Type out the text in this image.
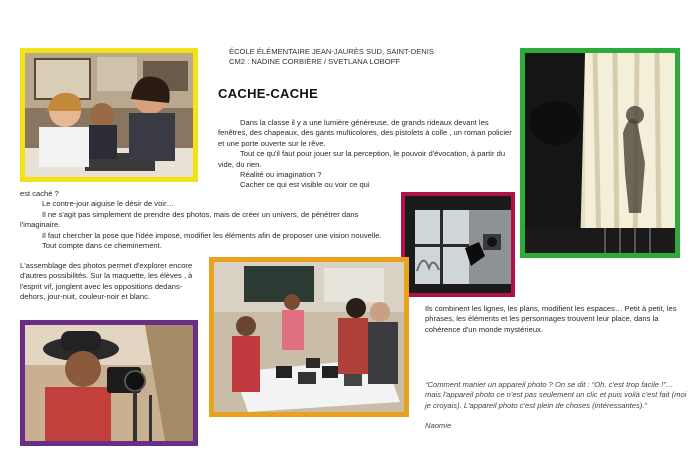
ÉCOLE ÉLÉMENTAIRE JEAN-JAURÈS SUD, SAINT-DENIS
CM2 : NADINE CORBIÈRE / SVETLANA LOBOFF
CACHE-CACHE

Dans la classe il y a une lumière généreuse, de grands rideaux devant les fenêtres, des chapeaux, des gants multicolores, des pistolets à colle , un roman policier et une porte ouverte sur le rêve.

Tout ce qu'il faut pour jouer sur la perception, le pouvoir d'évocation, à partir du vide, du rien.

Réalité ou imagination ?

Cacher ce qui est visible ou voir ce qui

est caché ?

Le contre-jour aiguise le désir de voir…

Il ne s'agit pas simplement de prendre des photos, mais de créer un univers, de pénétrer dans l'imaginaire.

Il faut chercher la pose que l'idée impose, modifier les éléments afin de proposer une vision nouvelle.

Tout compte dans ce cheminement.

L'assemblage des photos permet d'explorer encore d'autres possibilités. Sur la maquette, les élèves , à l'esprit vif, jonglent avec les oppositions dedans-dehors, jour-nuit, couleur-noir et blanc.

Ils combinent les lignes, les plans, modifient les espaces… Petit à petit, les phrases, les éléments et les personnages trouvent leur place, dans la cohérence d'un monde mystérieux.

“Comment manier un appareil photo ? On se dit : “Oh, c'est trop facile !”… mais l'appareil photo ce n'est pas seulement un clic et puis voilà c'est fait (moi je croyais). L'appareil photo c'est plein de choses (intéressantes).”

Naomie
